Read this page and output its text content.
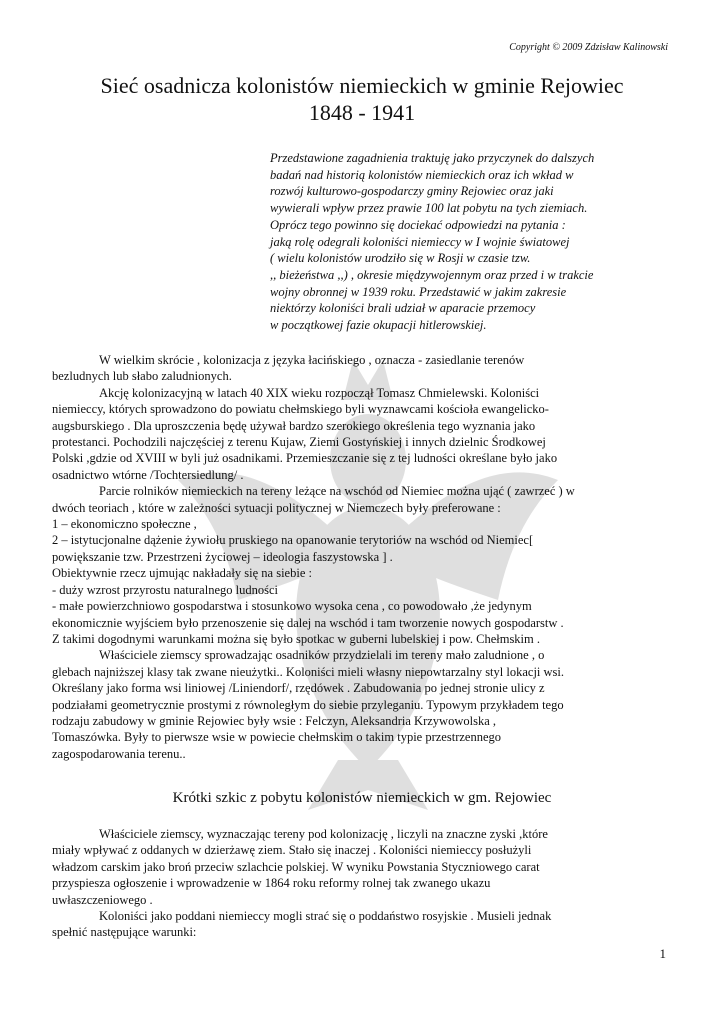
Copyright © 2009 Zdzisław Kalinowski
Sieć osadnicza kolonistów niemieckich w gminie Rejowiec
1848 - 1941
Przedstawione zagadnienia traktuję jako przyczynek do dalszych
badań nad historią kolonistów niemieckich oraz ich wkład w
rozwój kulturowo-gospodarczy gminy Rejowiec oraz jaki
wywierali wpływ przez prawie 100 lat pobytu na tych ziemiach.
Oprócz tego powinno się dociekać odpowiedzi na pytania :
jaką rolę odegrali koloniści niemieccy w I wojnie światowej
( wielu kolonistów urodziło się w Rosji w czasie tzw.
,, bieżeństwa ,,) , okresie międzywojennym oraz przed i w trakcie
wojny obronnej w 1939 roku. Przedstawić w jakim zakresie
niektórzy koloniści brali udział w aparacie przemocy
w początkowej fazie okupacji hitlerowskiej.
W wielkim skrócie , kolonizacja z języka łacińskiego , oznacza - zasiedlanie terenów
bezludnych lub słabo zaludnionych.
Akcję kolonizacyjną w latach 40 XIX wieku rozpoczął Tomasz Chmielewski. Koloniści
niemieccy, których sprowadzono do powiatu chełmskiego byli wyznawcami kościoła ewangelicko-
augsburskiego . Dla uproszczenia będę używał bardzo szerokiego określenia tego wyznania jako
protestanci. Pochodzili najczęściej z terenu Kujaw, Ziemi Gostyńskiej i innych dzielnic Środkowej
Polski ,gdzie od XVIII w byli już osadnikami. Przemieszczanie się z tej ludności określane było jako
osadnictwo wtórne /Tochtersiedlung/ .
Parcie rolników niemieckich na tereny leżące na wschód od Niemiec można ująć ( zawrzeć ) w
dwóch teoriach , które w zależności sytuacji politycznej w Niemczech były preferowane :
1 – ekonomiczno społeczne ,
2 – istytucjonalne dążenie żywiołu pruskiego na opanowanie terytoriów na wschód od Niemiec[
powiększanie tzw. Przestrzeni życiowej – ideologia faszystowska ] .
Obiektywnie rzecz ujmując nakładały się na siebie :
- duży wzrost przyrostu naturalnego ludności
- małe powierzchniowo gospodarstwa i stosunkowo wysoka cena , co powodowało ,że jedynym
ekonomicznie wyjściem było przenoszenie się dalej na wschód i tam tworzenie nowych gospodarstw .
Z takimi dogodnymi warunkami można się było spotkac w guberni lubelskiej i pow. Chełmskim .
Właściciele ziemscy sprowadzając osadników przydzielali im tereny mało zaludnione , o
glebach najniższej klasy tak zwane nieużytki.. Koloniści mieli własny niepowtarzalny styl lokacji wsi.
Określany jako forma wsi liniowej /Liniendorf/, rzędówek . Zabudowania po jednej stronie ulicy z
podziałami geometrycznie prostymi z równoległym do siebie przyleganiu. Typowym przykładem tego
rodzaju zabudowy w gminie Rejowiec były wsie : Felczyn, Aleksandria Krzywowolska ,
Tomaszówka. Były to pierwsze wsie w powiecie chełmskim o takim typie przestrzennego
zagospodarowania terenu..
Krótki szkic z pobytu kolonistów niemieckich w gm. Rejowiec
Właściciele ziemscy, wyznaczając tereny pod kolonizację , liczyli na znaczne zyski ,które
miały wpływać z oddanych w dzierżawę ziem. Stało się inaczej . Koloniści niemieccy posłużyli
władzom carskim jako broń przeciw szlachcie polskiej. W wyniku Powstania Styczniowego carat
przyspiesza ogłoszenie i wprowadzenie w 1864 roku reformy rolnej tak zwanego ukazu
uwłaszczeniowego .
Koloniści jako poddani niemieccy mogli strać się o poddaństwo rosyjskie . Musieli jednak
spełnić następujące warunki:
1
